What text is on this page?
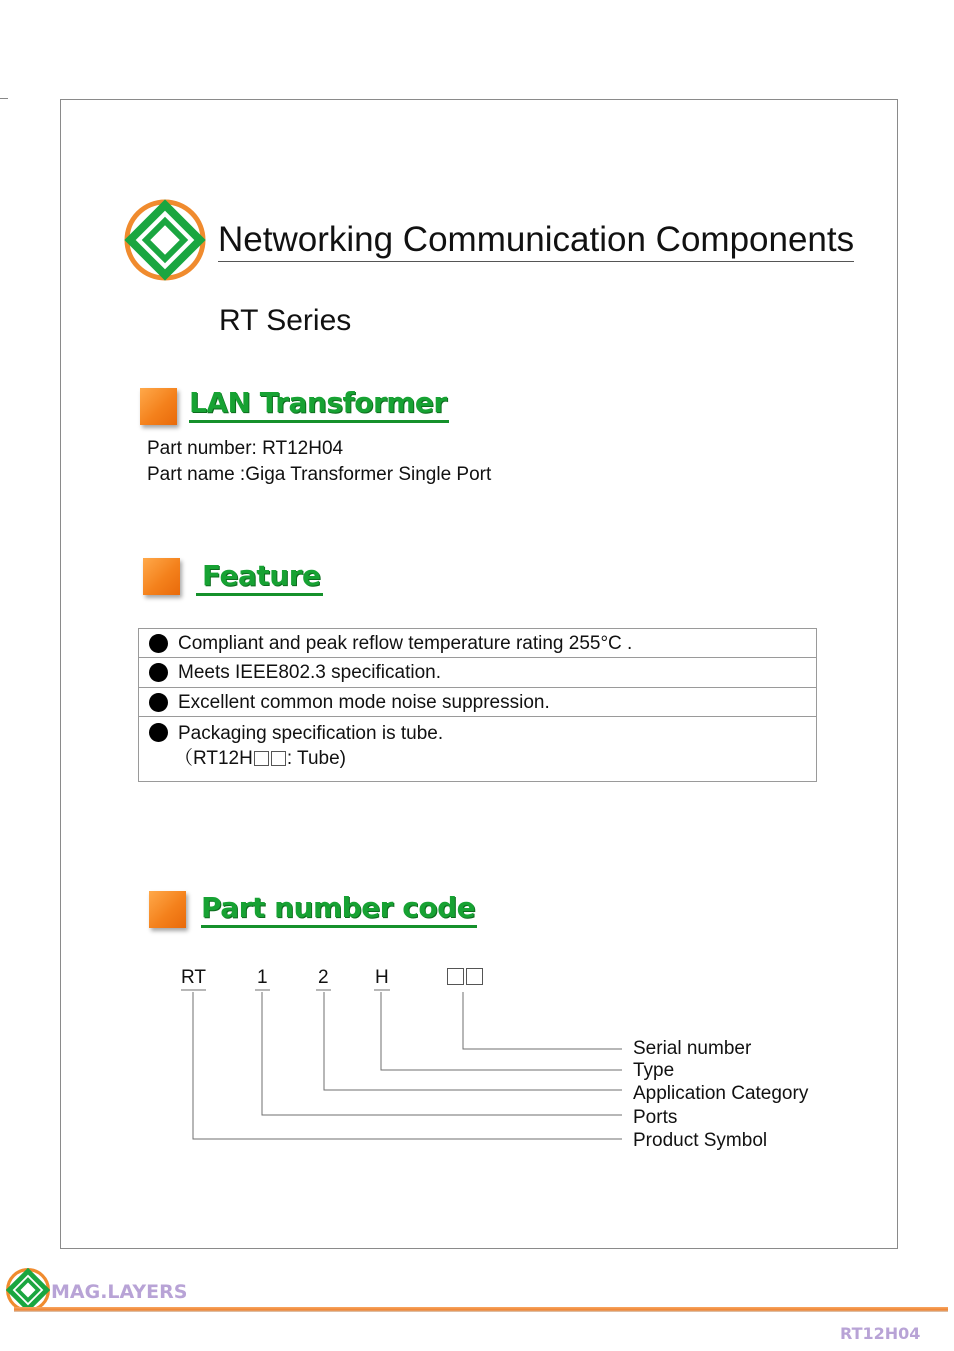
Networking Communication Components
RT Series
LAN Transformer
Part number: RT12H04
Part name :Giga Transformer Single Port
Feature
Compliant and peak reflow temperature rating 255°C .
Meets IEEE802.3 specification.
Excellent common mode noise suppression.
Packaging specification is tube.
（RT12H : Tube)
Part number code
RT	1	2 H
Serial number
Type
Application Category
Ports
Product Symbol
MAG.LAYERS
RT12H04
